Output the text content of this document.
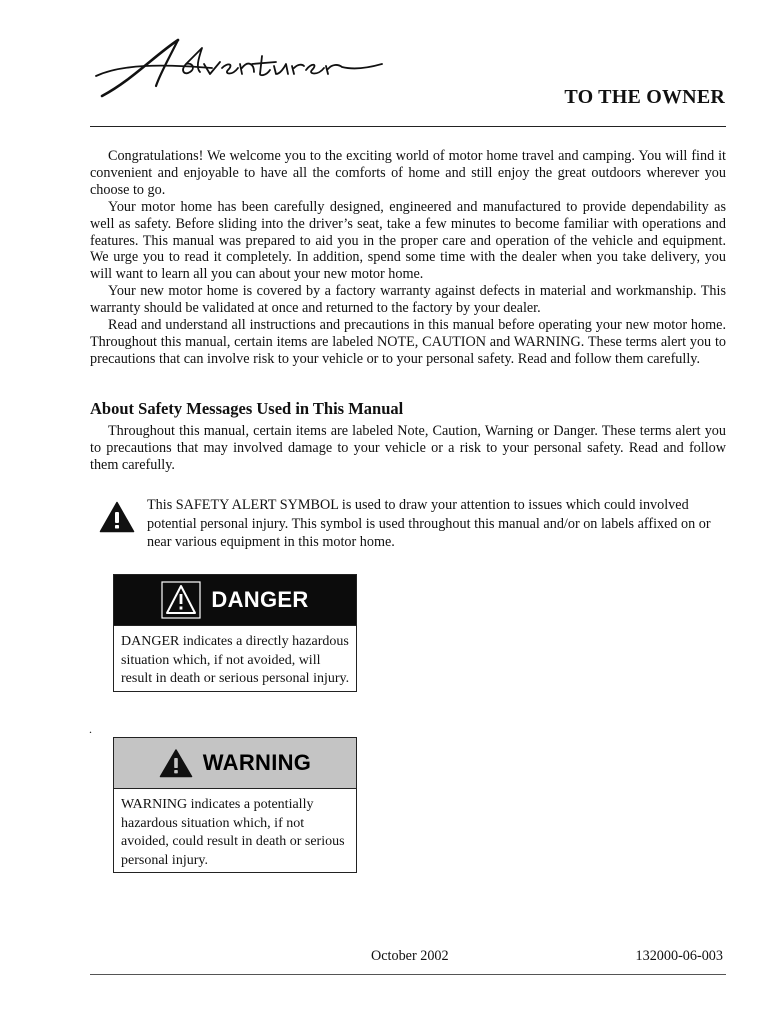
TO THE OWNER

Congratulations! We welcome you to the exciting world of motor home travel and camping. You will find it convenient and enjoyable to have all the comforts of home and still enjoy the great outdoors wherever you choose to go.

Your motor home has been carefully designed, engineered and manufactured to provide dependability as well as safety. Before sliding into the driver’s seat, take a few minutes to become familiar with operations and features. This manual was prepared to aid you in the proper care and operation of the vehicle and equipment. We urge you to read it completely. In addition, spend some time with the dealer when you take delivery, you will want to learn all you can about your new motor home.

Your new motor home is covered by a factory warranty against defects in material and workmanship. This warranty should be validated at once and returned to the factory by your dealer.

Read and understand all instructions and precautions in this manual before operating your new motor home. Throughout this manual, certain items are labeled NOTE, CAUTION and WARNING. These terms alert you to precautions that can involve risk to your vehicle or to your personal safety. Read and follow them carefully.

About Safety Messages Used in This Manual

Throughout this manual, certain items are labeled Note, Caution, Warning or Danger. These terms alert you to precautions that may involved damage to your vehicle or a risk to your personal safety. Read and follow them carefully.

This SAFETY ALERT SYMBOL is used to draw your attention to issues which could involved potential personal injury. This symbol is used throughout this manual and/or on labels affixed on or near various equipment in this motor home.

DANGER

DANGER indicates a directly hazardous situation which, if not avoided, will result in death or serious personal injury.

.
WARNING

WARNING indicates a potentially hazardous situation which, if not avoided, could result in death or serious personal injury.

October 2002	132000-06-003
